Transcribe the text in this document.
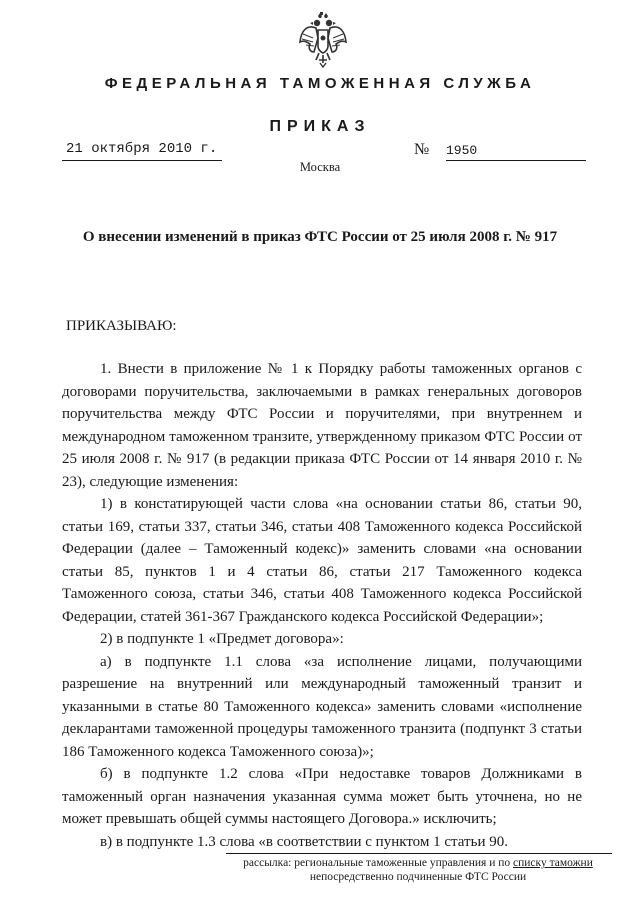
ФЕДЕРАЛЬНАЯ ТАМОЖЕННАЯ СЛУЖБА
ПРИКАЗ
21 октября 2010 г.	№ 1950
Москва
О внесении изменений в приказ ФТС России от 25 июля 2008 г. № 917
ПРИКАЗЫВАЮ:

1. Внести в приложение № 1 к Порядку работы таможенных органов с договорами поручительства, заключаемыми в рамках генеральных договоров поручительства между ФТС России и поручителями, при внутреннем и международном таможенном транзите, утвержденному приказом ФТС России от 25 июля 2008 г. № 917 (в редакции приказа ФТС России от 14 января 2010 г. № 23), следующие изменения:

1) в констатирующей части слова «на основании статьи 86, статьи 90, статьи 169, статьи 337, статьи 346, статьи 408 Таможенного кодекса Российской Федерации (далее – Таможенный кодекс)» заменить словами «на основании статьи 85, пунктов 1 и 4 статьи 86, статьи 217 Таможенного кодекса Таможенного союза, статьи 346, статьи 408 Таможенного кодекса Российской Федерации, статей 361-367 Гражданского кодекса Российской Федерации»;

2) в подпункте 1 «Предмет договора»:

а) в подпункте 1.1 слова «за исполнение лицами, получающими разрешение на внутренний или международный таможенный транзит и указанными в статье 80 Таможенного кодекса» заменить словами «исполнение декларантами таможенной процедуры таможенного транзита (подпункт 3 статьи 186 Таможенного кодекса Таможенного союза)»;

б) в подпункте 1.2 слова «При недоставке товаров Должниками в таможенный орган назначения указанная сумма может быть уточнена, но не может превышать общей суммы настоящего Договора.» исключить;

в) в подпункте 1.3 слова «в соответствии с пунктом 1 статьи 90.

рассылка: региональные таможенные управления и по списку таможни
непосредственно подчиненные ФТС России
